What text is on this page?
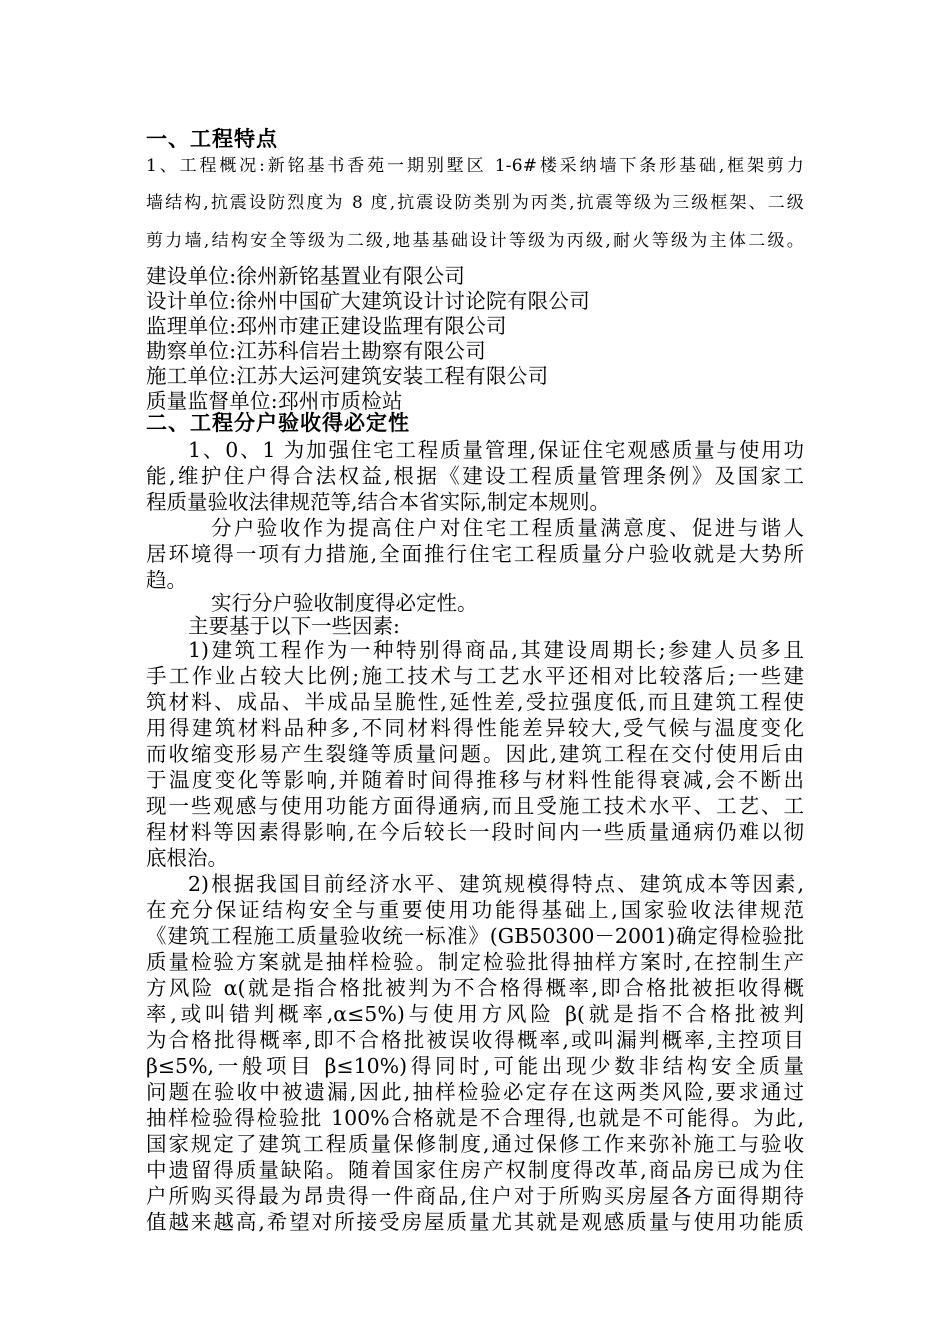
一、工程特点
1、工程概况:新铭基书香苑一期别墅区 1-6#楼采纳墙下条形基础,框架剪力
墙结构,抗震设防烈度为 8 度,抗震设防类别为丙类,抗震等级为三级框架、二级
剪力墙,结构安全等级为二级,地基基础设计等级为丙级,耐火等级为主体二级。
建设单位:徐州新铭基置业有限公司
设计单位:徐州中国矿大建筑设计讨论院有限公司
监理单位:邳州市建正建设监理有限公司
勘察单位:江苏科信岩土勘察有限公司
施工单位:江苏大运河建筑安装工程有限公司
质量监督单位:邳州市质检站
二、工程分户验收得必定性
1、0、1 为加强住宅工程质量管理,保证住宅观感质量与使用功
能,维护住户得合法权益,根据《建设工程质量管理条例》及国家工
程质量验收法律规范等,结合本省实际,制定本规则。
分户验收作为提高住户对住宅工程质量满意度、促进与谐人
居环境得一项有力措施,全面推行住宅工程质量分户验收就是大势所
趋。
实行分户验收制度得必定性。
主要基于以下一些因素:
1)建筑工程作为一种特别得商品,其建设周期长;参建人员多且
手工作业占较大比例;施工技术与工艺水平还相对比较落后;一些建
筑材料、成品、半成品呈脆性,延性差,受拉强度低,而且建筑工程使
用得建筑材料品种多,不同材料得性能差异较大,受气候与温度变化
而收缩变形易产生裂缝等质量问题。因此,建筑工程在交付使用后由
于温度变化等影响,并随着时间得推移与材料性能得衰减,会不断出
现一些观感与使用功能方面得通病,而且受施工技术水平、工艺、工
程材料等因素得影响,在今后较长一段时间内一些质量通病仍难以彻
底根治。
2)根据我国目前经济水平、建筑规模得特点、建筑成本等因素,
在充分保证结构安全与重要使用功能得基础上,国家验收法律规范
《建筑工程施工质量验收统一标准》(GB50300－2001)确定得检验批
质量检验方案就是抽样检验。制定检验批得抽样方案时,在控制生产
方风险 α(就是指合格批被判为不合格得概率,即合格批被拒收得概
率,或叫错判概率,α≤5%)与使用方风险 β(就是指不合格批被判
为合格批得概率,即不合格批被误收得概率,或叫漏判概率,主控项目
β≤5%,一般项目 β≤10%)得同时,可能出现少数非结构安全质量
问题在验收中被遗漏,因此,抽样检验必定存在这两类风险,要求通过
抽样检验得检验批 100%合格就是不合理得,也就是不可能得。为此,
国家规定了建筑工程质量保修制度,通过保修工作来弥补施工与验收
中遗留得质量缺陷。随着国家住房产权制度得改革,商品房已成为住
户所购买得最为昂贵得一件商品,住户对于所购买房屋各方面得期待
值越来越高,希望对所接受房屋质量尤其就是观感质量与使用功能质
